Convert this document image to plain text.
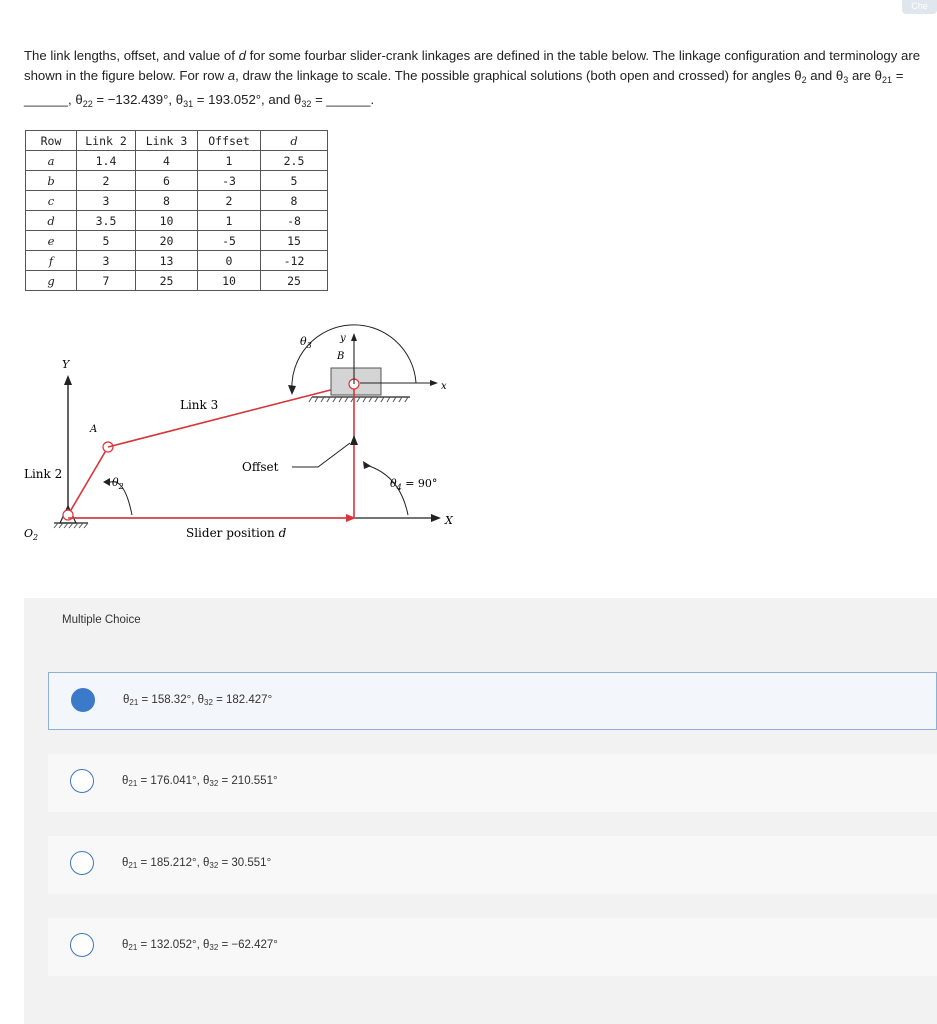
Che
The link lengths, offset, and value of d for some fourbar slider-crank linkages are defined in the table below. The linkage configuration and terminology are shown in the figure below. For row a, draw the linkage to scale. The possible graphical solutions (both open and crossed) for angles $\theta_2$ and $\theta_3$ are $\theta_{21}$ = ______, $\theta_{22} = -132.439^\circ$, $\theta_{31} = 193.052^\circ$, and $\theta_{32}$ = ______.
Row	Link 2	Link 3	Offset	d
a	1.4	4	1	2.5
b	2	6	-3	5
c	3	8	2	8
d	3.5	10	1	-8
e	5	20	-5	15
f	3	13	0	-12
g	7	25	10	25
Y
$O_2$
X
A
Link 2
$\theta_2$
Link 3
x
y
B
$\theta_3$
Offset
Slider position d
$\theta_4 = 90^\circ$
Multiple Choice
$\theta_{21} = 158.32^\circ$, $\theta_{32} = 182.427^\circ$
$\theta_{21} = 176.041^\circ$, $\theta_{32} = 210.551^\circ$
$\theta_{21} = 185.212^\circ$, $\theta_{32} = 30.551^\circ$
$\theta_{21} = 132.052^\circ$, $\theta_{32} = -62.427^\circ$
